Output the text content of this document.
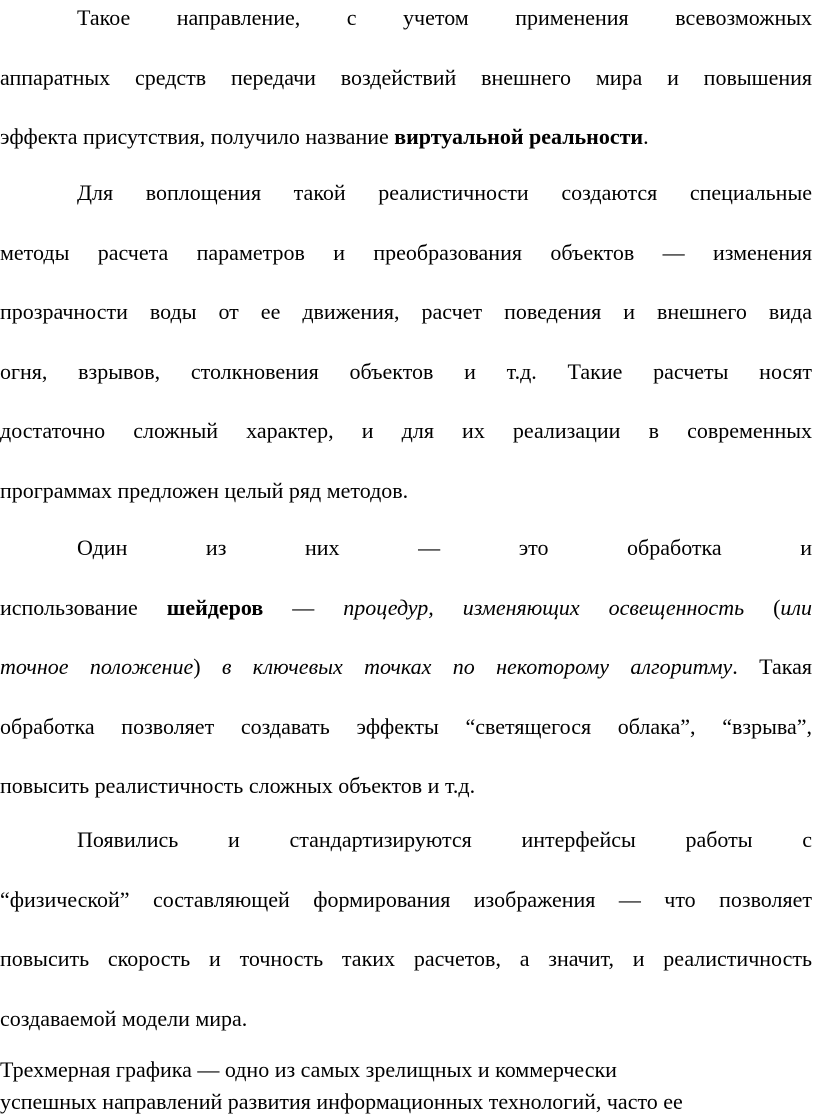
Такое направление, с учетом применения всевозможных
аппаратных средств передачи воздействий внешнего мира и повышения
эффекта присутствия, получило название виртуальной реальности.

Для воплощения такой реалистичности создаются специальные
методы расчета параметров и преобразования объектов — изменения
прозрачности воды от ее движения, расчет поведения и внешнего вида
огня, взрывов, столкновения объектов и т.д. Такие расчеты носят
достаточно сложный характер, и для их реализации в современных
программах предложен целый ряд методов.

Один из них — это обработка и
использование шейдеров — процедур, изменяющих освещенность (или
точное положение) в ключевых точках по некоторому алгоритму. Такая
обработка позволяет создавать эффекты “светящегося облака”, “взрыва”,
повысить реалистичность сложных объектов и т.д.

Появились и стандартизируются интерфейсы работы с
“физической” составляющей формирования изображения — что позволяет
повысить скорость и точность таких расчетов, а значит, и реалистичность
создаваемой модели мира.

Трехмерная графика — одно из самых зрелищных и коммерчески
успешных направлений развития информационных технологий, часто ее
